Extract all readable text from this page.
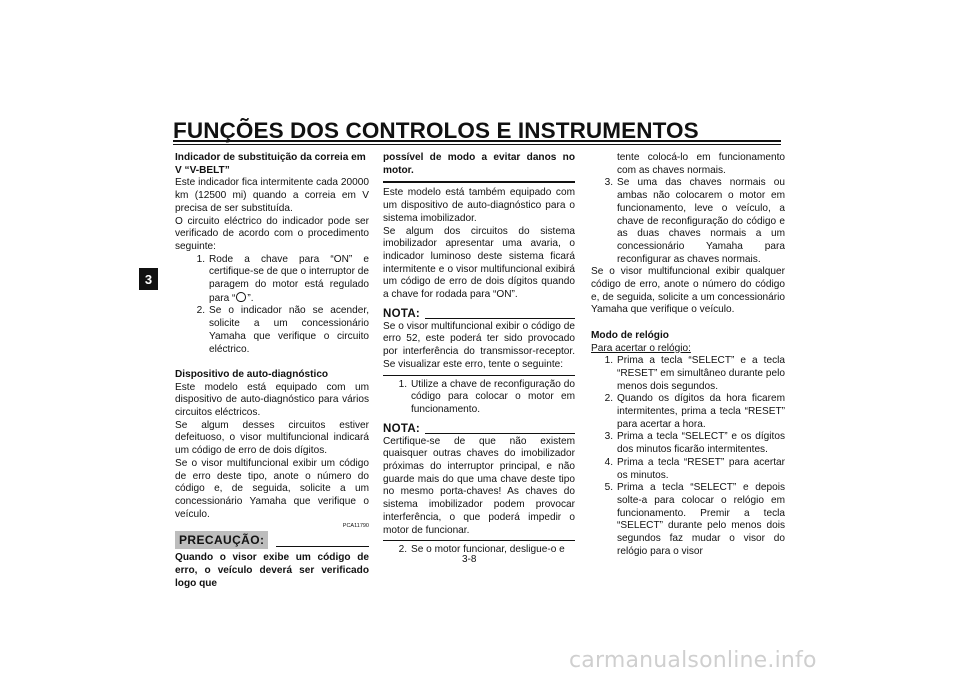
FUNÇÕES DOS CONTROLOS E INSTRUMENTOS
3

Indicador de substituição da correia em

V “V-BELT”

Este indicador fica intermitente cada 20000 km (12500 mi) quando a correia em V precisa de ser substituída.

O circuito eléctrico do indicador pode ser verificado de acordo com o procedimento seguinte:

1. Rode a chave para “ON” e certifique-se de que o interruptor de paragem do motor está regulado para “ ”.
2. Se o indicador não se acender, solicite a um concessionário Yamaha que verifique o circuito eléctrico.

Dispositivo de auto-diagnóstico

Este modelo está equipado com um dispositivo de auto-diagnóstico para vários circuitos eléctricos.

Se algum desses circuitos estiver defeituoso, o visor multifuncional indicará um código de erro de dois dígitos.

Se o visor multifuncional exibir um código de erro deste tipo, anote o número do código e, de seguida, solicite a um concessionário Yamaha que verifique o veículo.

PCA11790
PRECAUÇÃO:

Quando o visor exibe um código de erro, o veículo deverá ser verificado logo que

possível de modo a evitar danos no motor.

Este modelo está também equipado com um dispositivo de auto-diagnóstico para o sistema imobilizador.

Se algum dos circuitos do sistema imobilizador apresentar uma avaria, o indicador luminoso deste sistema ficará intermitente e o visor multifuncional exibirá um código de erro de dois dígitos quando a chave for rodada para “ON”.

NOTA:

Se o visor multifuncional exibir o código de erro 52, este poderá ter sido provocado por interferência do transmissor-receptor. Se visualizar este erro, tente o seguinte:

1. Utilize a chave de reconfiguração do código para colocar o motor em funcionamento.
NOTA:

Certifique-se de que não existem quaisquer outras chaves do imobilizador próximas do interruptor principal, e não guarde mais do que uma chave deste tipo no mesmo porta-chaves! As chaves do sistema imobilizador podem provocar interferência, o que poderá impedir o motor de funcionar.

2. Se o motor funcionar, desligue-o e
tente colocá-lo em funcionamento com as chaves normais.
3. Se uma das chaves normais ou ambas não colocarem o motor em funcionamento, leve o veículo, a chave de reconfiguração do código e as duas chaves normais a um concessionário Yamaha para reconfigurar as chaves normais.

Se o visor multifuncional exibir qualquer código de erro, anote o número do código e, de seguida, solicite a um concessionário Yamaha que verifique o veículo.

Modo de relógio

Para acertar o relógio:

1. Prima a tecla “SELECT” e a tecla “RESET” em simultâneo durante pelo menos dois segundos.
2. Quando os dígitos da hora ficarem intermitentes, prima a tecla “RESET” para acertar a hora.
3. Prima a tecla “SELECT” e os dígitos dos minutos ficarão intermitentes.
4. Prima a tecla “RESET” para acertar os minutos.
5. Prima a tecla “SELECT” e depois solte-a para colocar o relógio em funcionamento. Premir a tecla “SELECT” durante pelo menos dois segundos faz mudar o visor do relógio para o visor
3-8
carmanualsonline.info
